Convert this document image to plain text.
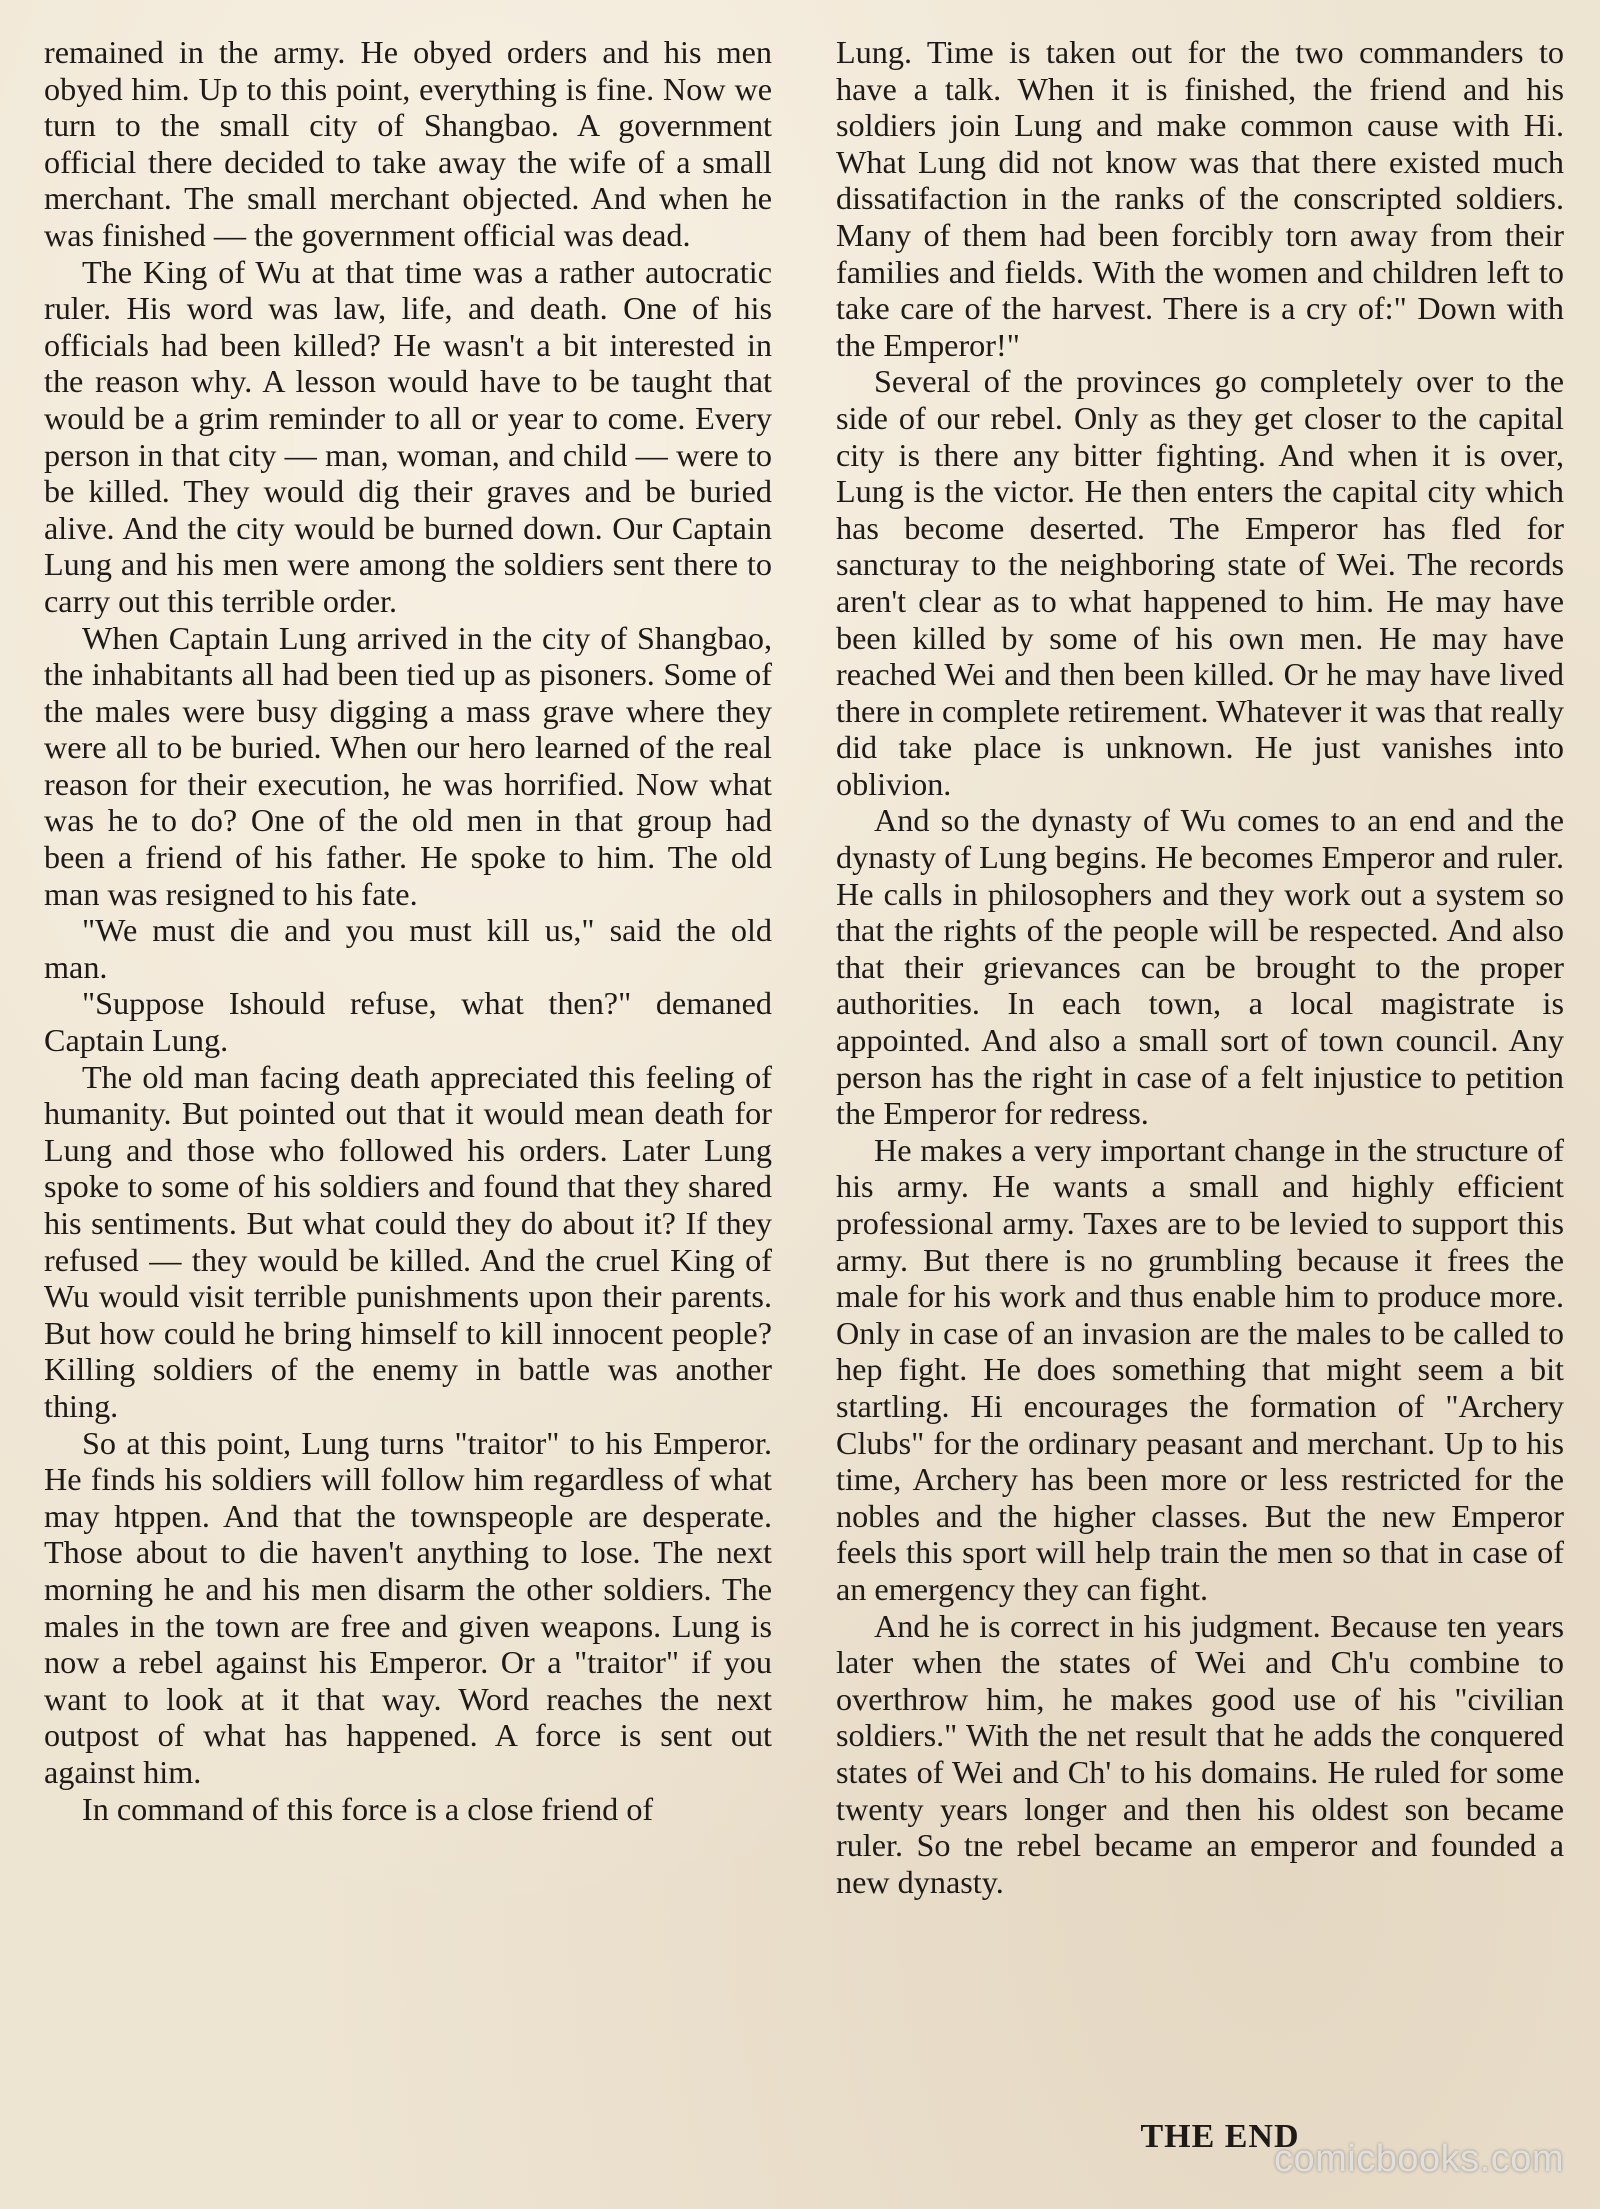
remained in the army. He obyed orders and his men obyed him. Up to this point, everything is fine. Now we turn to the small city of Shangbao. A government official there decided to take away the wife of a small merchant. The small merchant objected. And when he was finished — the government official was dead.

The King of Wu at that time was a rather autocratic ruler. His word was law, life, and death. One of his officials had been killed? He wasn't a bit interested in the reason why. A lesson would have to be taught that would be a grim reminder to all or year to come. Every person in that city — man, woman, and child — were to be killed. They would dig their graves and be buried alive. And the city would be burned down. Our Captain Lung and his men were among the soldiers sent there to carry out this terrible order.

When Captain Lung arrived in the city of Shangbao, the inhabitants all had been tied up as pisoners. Some of the males were busy digging a mass grave where they were all to be buried. When our hero learned of the real reason for their execution, he was horrified. Now what was he to do? One of the old men in that group had been a friend of his father. He spoke to him. The old man was resigned to his fate.

"We must die and you must kill us," said the old man.

"Suppose Ishould refuse, what then?" demaned Captain Lung.

The old man facing death appreciated this feeling of humanity. But pointed out that it would mean death for Lung and those who followed his orders. Later Lung spoke to some of his soldiers and found that they shared his sentiments. But what could they do about it? If they refused — they would be killed. And the cruel King of Wu would visit terrible punishments upon their parents. But how could he bring himself to kill innocent people? Killing soldiers of the enemy in battle was another thing.

So at this point, Lung turns "traitor" to his Emperor. He finds his soldiers will follow him regardless of what may htppen. And that the townspeople are desperate. Those about to die haven't anything to lose. The next morning he and his men disarm the other soldiers. The males in the town are free and given weapons. Lung is now a rebel against his Emperor. Or a "traitor" if you want to look at it that way. Word reaches the next outpost of what has happened. A force is sent out against him.

In command of this force is a close friend of

Lung. Time is taken out for the two commanders to have a talk. When it is finished, the friend and his soldiers join Lung and make common cause with Hi. What Lung did not know was that there existed much dissatifaction in the ranks of the conscripted soldiers. Many of them had been forcibly torn away from their families and fields. With the women and children left to take care of the harvest. There is a cry of:" Down with the Emperor!"

Several of the provinces go completely over to the side of our rebel. Only as they get closer to the capital city is there any bitter fighting. And when it is over, Lung is the victor. He then enters the capital city which has become deserted. The Emperor has fled for sancturay to the neighboring state of Wei. The records aren't clear as to what happened to him. He may have been killed by some of his own men. He may have reached Wei and then been killed. Or he may have lived there in complete retirement. Whatever it was that really did take place is unknown. He just vanishes into oblivion.

And so the dynasty of Wu comes to an end and the dynasty of Lung begins. He becomes Emperor and ruler. He calls in philosophers and they work out a system so that the rights of the people will be respected. And also that their grievances can be brought to the proper authorities. In each town, a local magistrate is appointed. And also a small sort of town council. Any person has the right in case of a felt injustice to petition the Emperor for redress.

He makes a very important change in the structure of his army. He wants a small and highly efficient professional army. Taxes are to be levied to support this army. But there is no grumbling because it frees the male for his work and thus enable him to produce more. Only in case of an invasion are the males to be called to hep fight. He does something that might seem a bit startling. Hi encourages the formation of "Archery Clubs" for the ordinary peasant and merchant. Up to his time, Archery has been more or less restricted for the nobles and the higher classes. But the new Emperor feels this sport will help train the men so that in case of an emergency they can fight.

And he is correct in his judgment. Because ten years later when the states of Wei and Ch'u combine to overthrow him, he makes good use of his "civilian soldiers." With the net result that he adds the conquered states of Wei and Ch' to his domains. He ruled for some twenty years longer and then his oldest son became ruler. So tne rebel became an emperor and founded a new dynasty.

THE END

comicbooks.com
